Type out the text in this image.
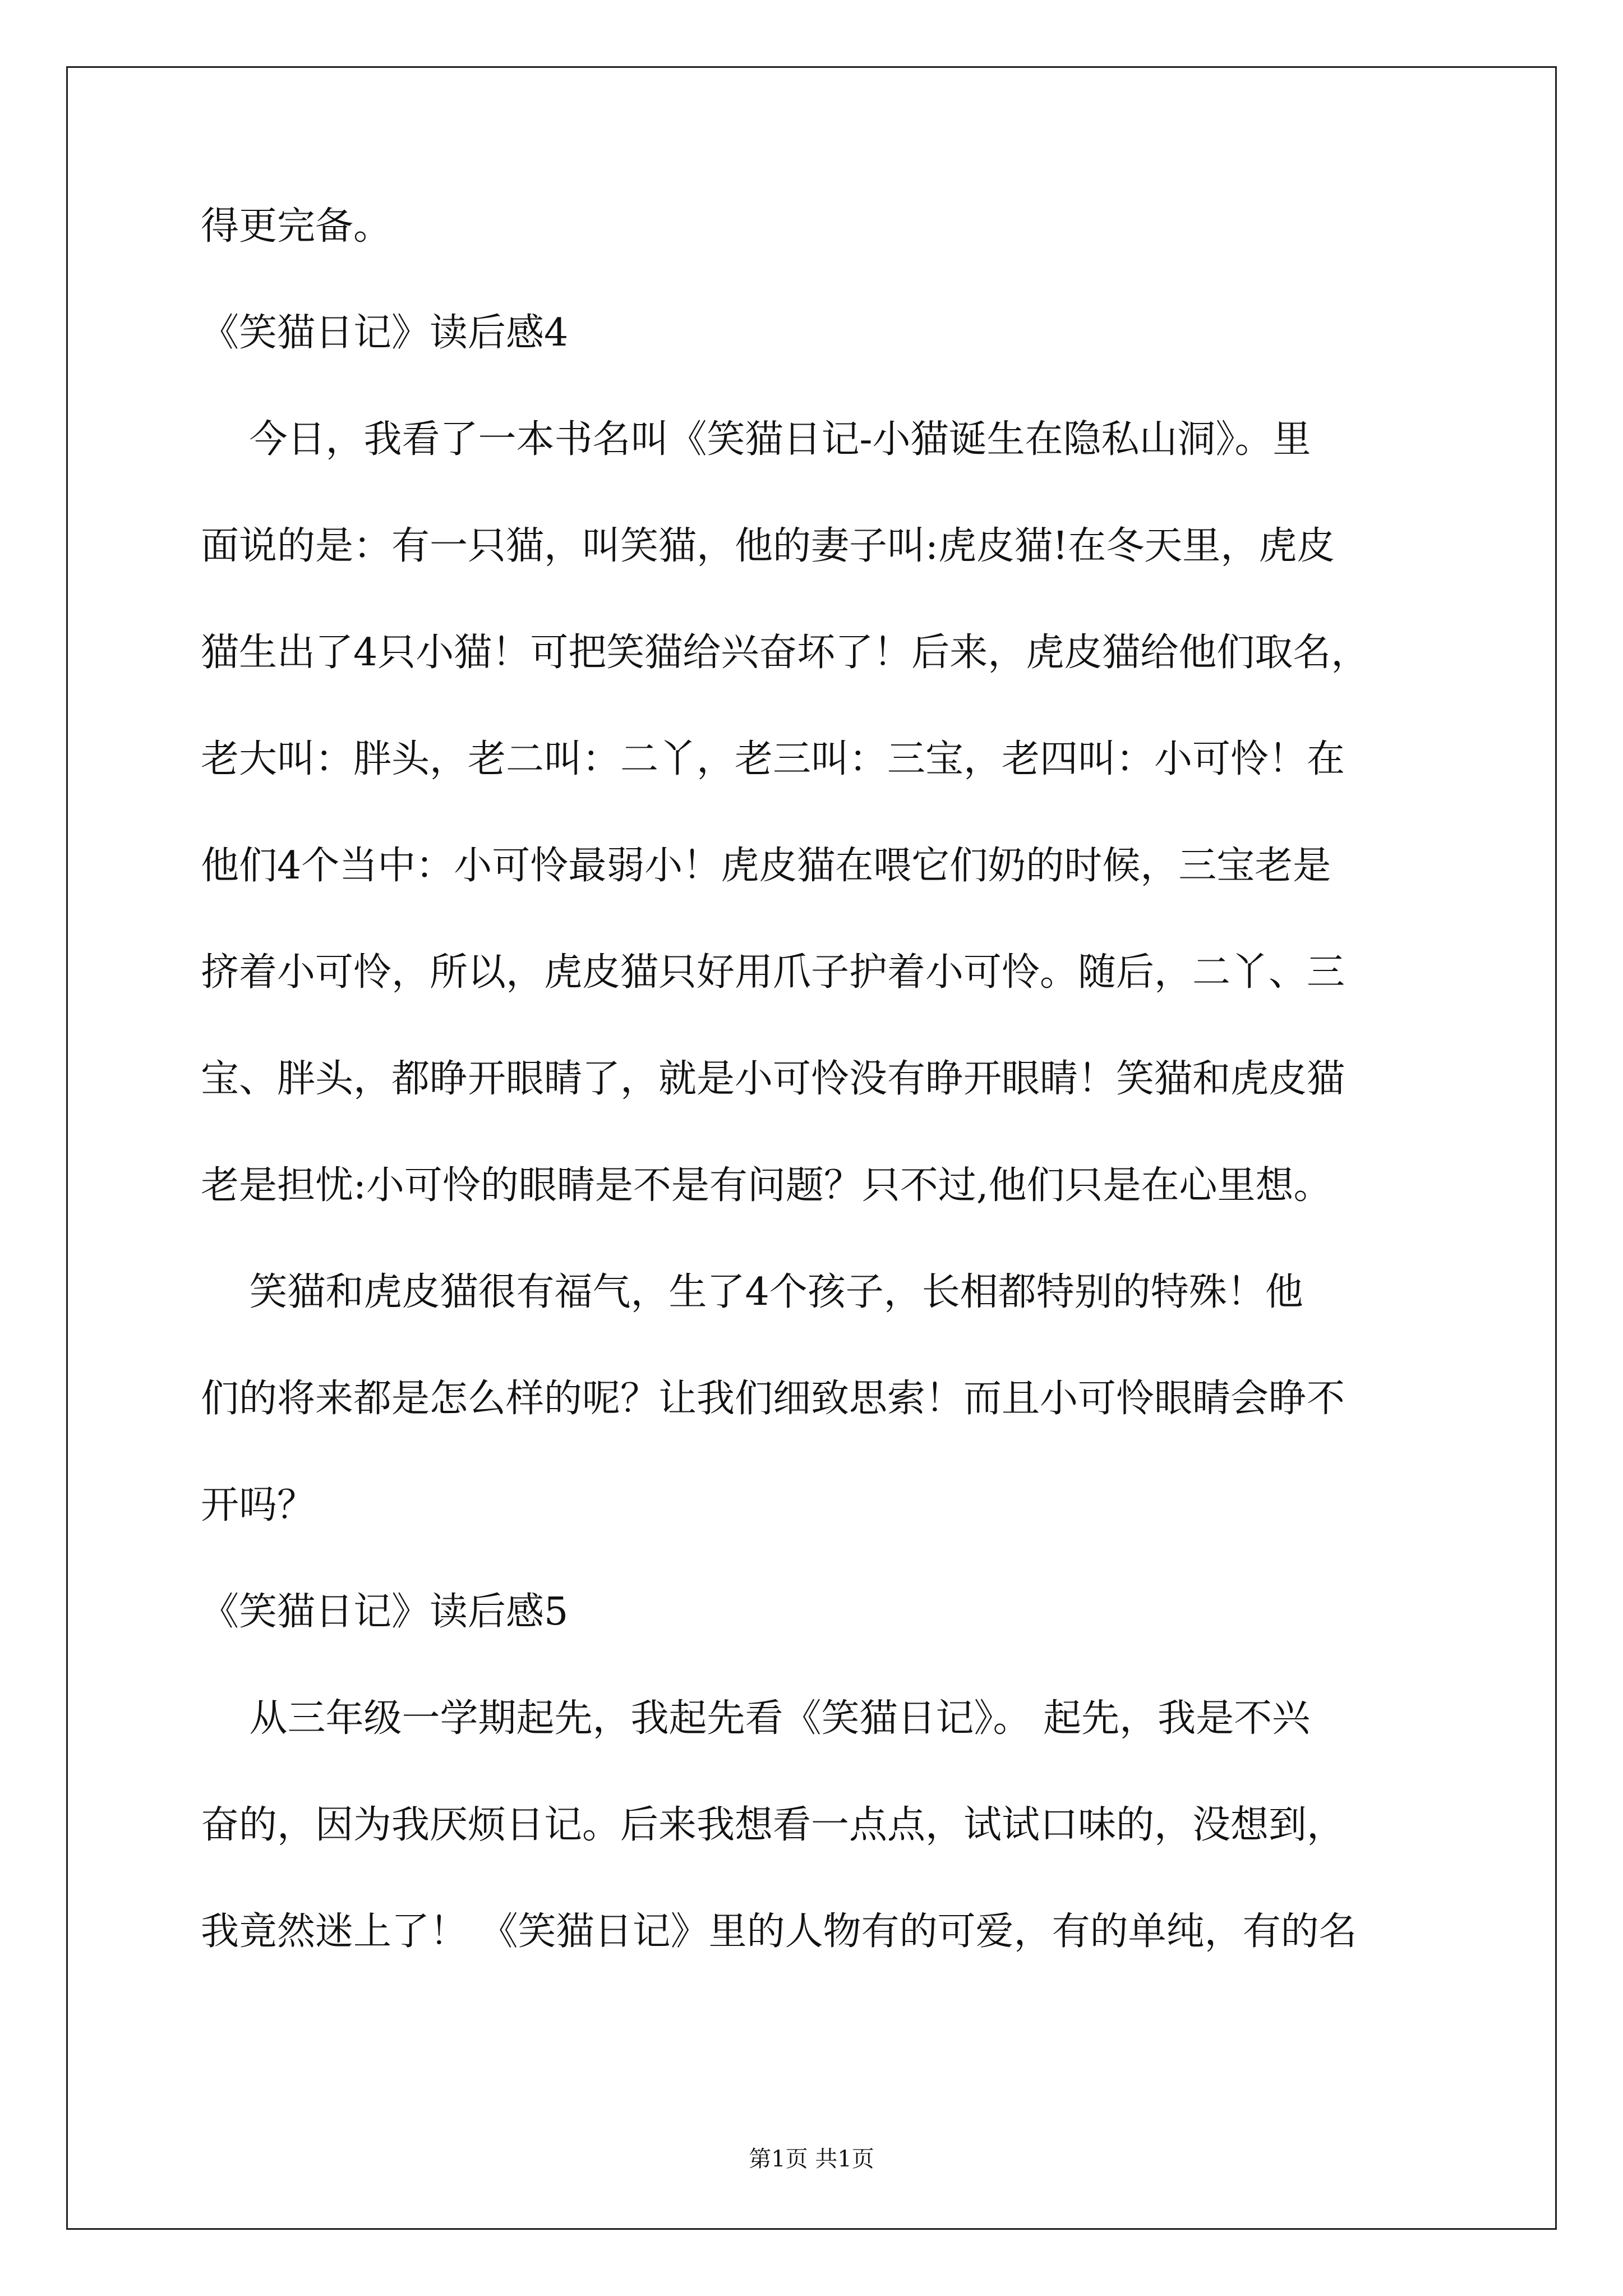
得更完备。
《笑猫日记》读后感4
今日，我看了一本书名叫《笑猫日记-小猫诞生在隐私山洞》。里
面说的是：有一只猫，叫笑猫，他的妻子叫:虎皮猫!在冬天里，虎皮
猫生出了4只小猫！可把笑猫给兴奋坏了！后来，虎皮猫给他们取名，
老大叫：胖头，老二叫：二丫，老三叫：三宝，老四叫：小可怜！在
他们4个当中：小可怜最弱小！虎皮猫在喂它们奶的时候，三宝老是
挤着小可怜，所以，虎皮猫只好用爪子护着小可怜。随后，二丫、三
宝、胖头，都睁开眼睛了，就是小可怜没有睁开眼睛！笑猫和虎皮猫
老是担忧:小可怜的眼睛是不是有问题？只不过,他们只是在心里想。
笑猫和虎皮猫很有福气，生了4个孩子，长相都特别的特殊！他
们的将来都是怎么样的呢？让我们细致思索！而且小可怜眼睛会睁不
开吗？
《笑猫日记》读后感5
从三年级一学期起先，我起先看《笑猫日记》。 起先，我是不兴
奋的，因为我厌烦日记。后来我想看一点点，试试口味的，没想到，
我竟然迷上了！ 《笑猫日记》里的人物有的可爱，有的单纯，有的名
第1页 共1页
